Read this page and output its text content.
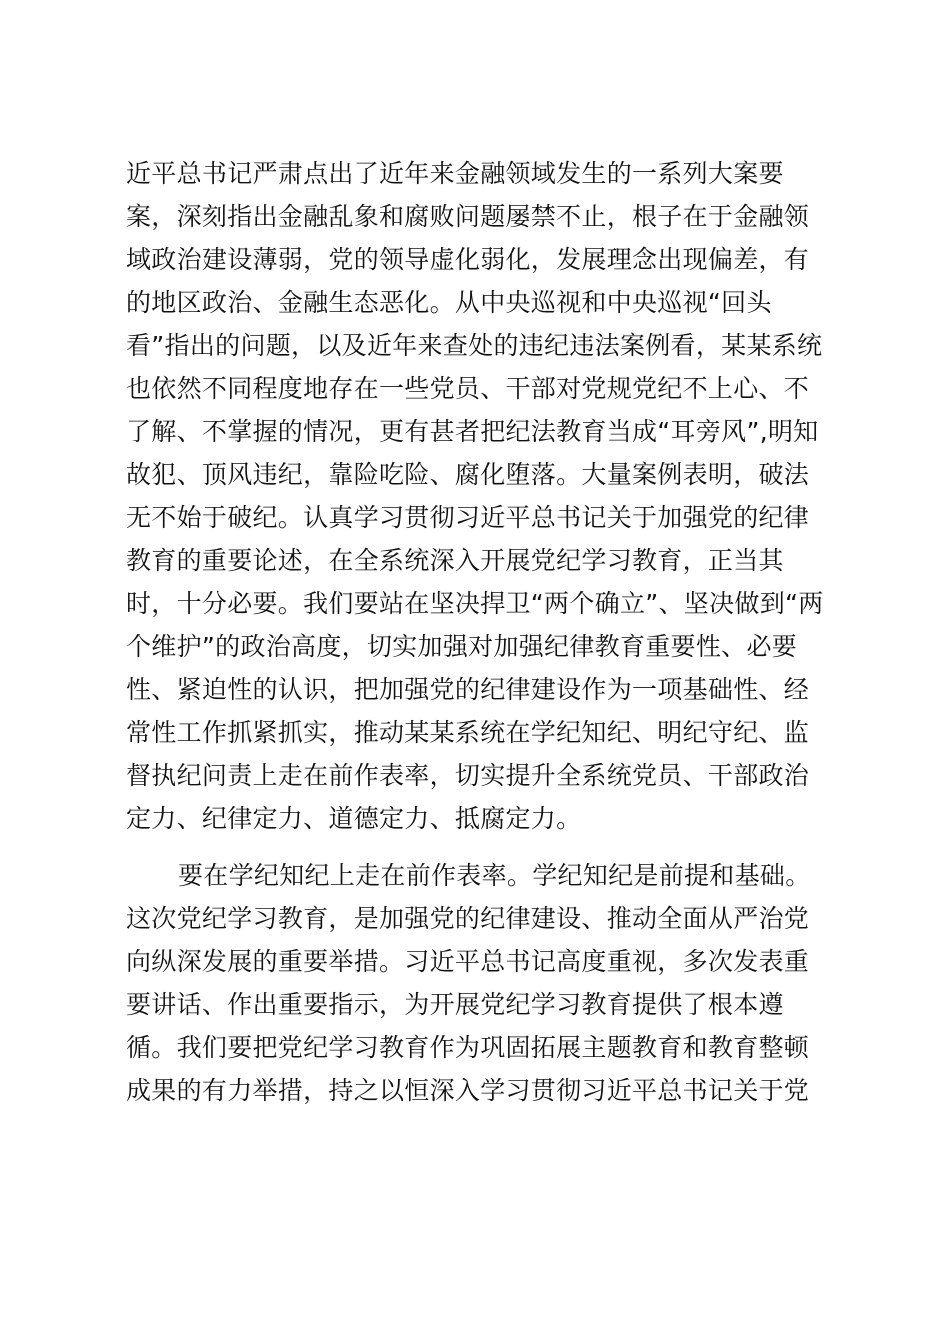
近平总书记严肃点出了近年来金融领域发生的一系列大案要
案，深刻指出金融乱象和腐败问题屡禁不止，根子在于金融领
域政治建设薄弱，党的领导虚化弱化，发展理念出现偏差，有
的地区政治、金融生态恶化。从中央巡视和中央巡视“回头
看”指出的问题，以及近年来查处的违纪违法案例看，某某系统
也依然不同程度地存在一些党员、干部对党规党纪不上心、不
了解、不掌握的情况，更有甚者把纪法教育当成“耳旁风”,明知
故犯、顶风违纪，靠险吃险、腐化堕落。大量案例表明，破法
无不始于破纪。认真学习贯彻习近平总书记关于加强党的纪律
教育的重要论述，在全系统深入开展党纪学习教育，正当其
时，十分必要。我们要站在坚决捍卫“两个确立”、坚决做到“两
个维护”的政治高度，切实加强对加强纪律教育重要性、必要
性、紧迫性的认识，把加强党的纪律建设作为一项基础性、经
常性工作抓紧抓实，推动某某系统在学纪知纪、明纪守纪、监
督执纪问责上走在前作表率，切实提升全系统党员、干部政治
定力、纪律定力、道德定力、抵腐定力。
要在学纪知纪上走在前作表率。学纪知纪是前提和基础。
这次党纪学习教育，是加强党的纪律建设、推动全面从严治党
向纵深发展的重要举措。习近平总书记高度重视，多次发表重
要讲话、作出重要指示，为开展党纪学习教育提供了根本遵
循。我们要把党纪学习教育作为巩固拓展主题教育和教育整顿
成果的有力举措，持之以恒深入学习贯彻习近平总书记关于党
